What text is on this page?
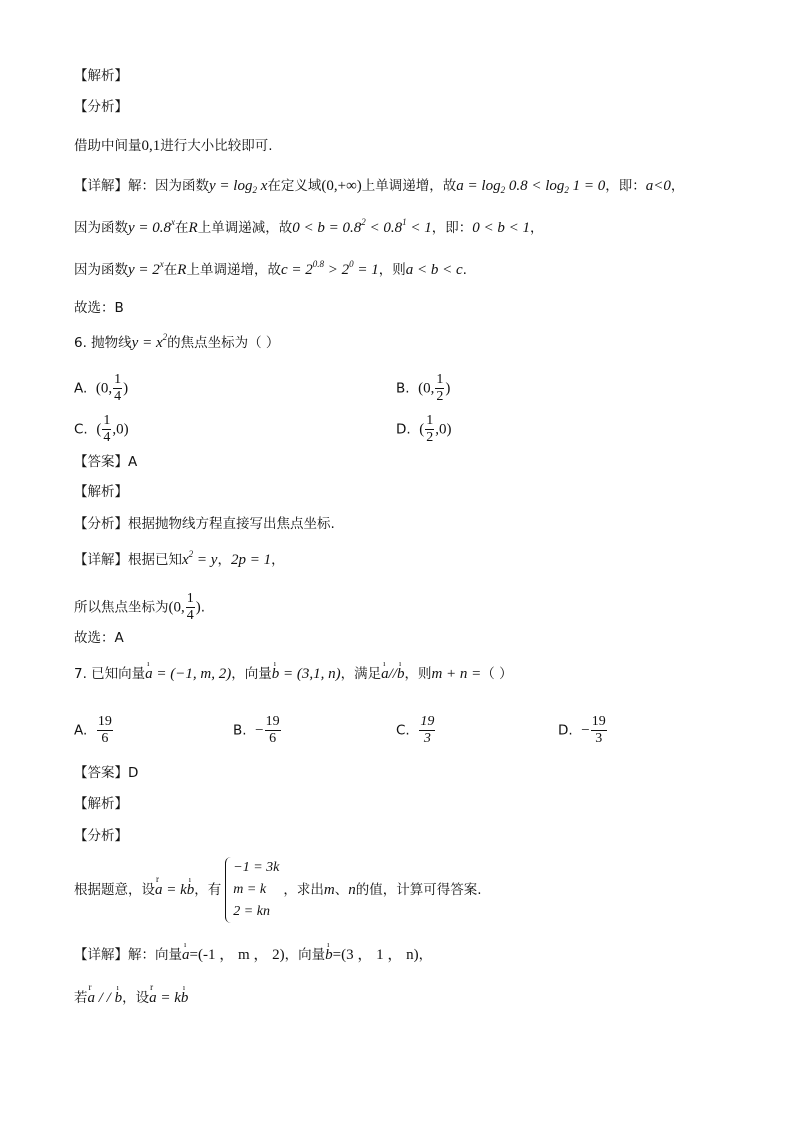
【解析】
【分析】
借助中间量0,1进行大小比较即可.
【详解】解：因为函数$y = \log_2 x$在定义域(0,+∞)上单调递增，故$a = \log_2 0.8 < \log_2 1 = 0$，即：a<0，
因为函数$y = 0.8^x$在R上单调递减，故$0 < b = 0.8^2 < 0.8^1 < 1$，即：0 < b < 1，
因为函数$y = 2^x$在R上单调递增，故$c = 2^{0.8} > 2^0 = 1$，则a < b < c.
故选：B
6. 抛物线$y = x^2$的焦点坐标为（ ）
A. (0, $\frac{1}{4}$ )	B. (0, $\frac{1}{2}$ )
C. ( $\frac{1}{4} ,0$)	D. ( $\frac{1}{2} ,0$)
【答案】A
【解析】
【分析】根据抛物线方程直接写出焦点坐标.
【详解】根据已知$x^2 = y$，2p = 1，
所以焦点坐标为(0, $\frac{1}{4}$ ).
故选：A
7. 已知向量ı a = (−1, m, 2)，向量ı b = (3,1, n)，满足ı a//ı b，则m + n =（ ）
A. $\frac{19}{6}$	B. − $\frac{19}{6}$	C. $\frac{19}{3}$	D. − $\frac{19}{3}$
【答案】D
【解析】
【分析】
根据题意，设r a = kı b，有
−1 = 3k
m = k
2 = kn
，求出m、n的值，计算可得答案.
【详解】解：向量ı a=(-1 ， m ， 2)，向量ı b=(3 ， 1 ， n)，
若r a / / ı b，设r a = kı b
